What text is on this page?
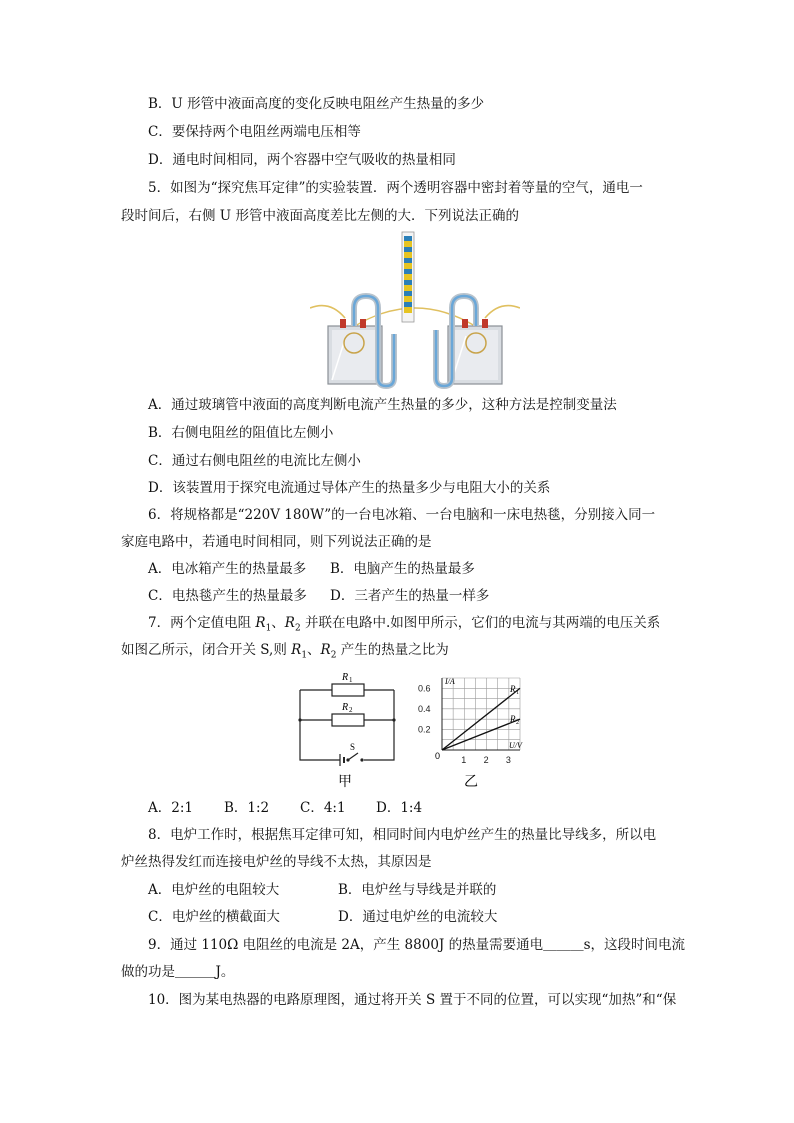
B．U 形管中液面高度的变化反映电阻丝产生热量的多少
C．要保持两个电阻丝两端电压相等
D．通电时间相同，两个容器中空气吸收的热量相同
5．如图为“探究焦耳定律”的实验装置．两个透明容器中密封着等量的空气，通电一
段时间后，右侧 U 形管中液面高度差比左侧的大．下列说法正确的
A．通过玻璃管中液面的高度判断电流产生热量的多少，这种方法是控制变量法
B．右侧电阻丝的阻值比左侧小
C．通过右侧电阻丝的电流比左侧小
D．该装置用于探究电流通过导体产生的热量多少与电阻大小的关系
6．将规格都是“220V 180W”的一台电冰箱、一台电脑和一床电热毯，分别接入同一
家庭电路中，若通电时间相同，则下列说法正确的是
A．电冰箱产生的热量最多 B．电脑产生的热量最多
C．电热毯产生的热量最多 D．三者产生的热量一样多
7．两个定值电阻 $R_1$、$R_2$ 并联在电路中.如图甲所示，它们的电流与其两端的电压关系
如图乙所示，闭合开关 S,则 $R_1$、$R_2$ 产生的热量之比为
R 1
R 2
S
甲
0.6
0.4
0.2
1 2 3
I/A
U/V
0
R 1
R 2
乙
A．2:1 B．1:2 C．4:1 D．1:4
8．电炉工作时，根据焦耳定律可知，相同时间内电炉丝产生的热量比导线多，所以电
炉丝热得发红而连接电炉丝的导线不太热，其原因是
A．电炉丝的电阻较大	B．电炉丝与导线是并联的
C．电炉丝的横截面大	D．通过电炉丝的电流较大
9．通过 110Ω 电阻丝的电流是 2A，产生 8800J 的热量需要通电＿＿＿s，这段时间电流
做的功是＿＿＿J。
10．图为某电热器的电路原理图，通过将开关 S 置于不同的位置，可以实现“加热”和“保
